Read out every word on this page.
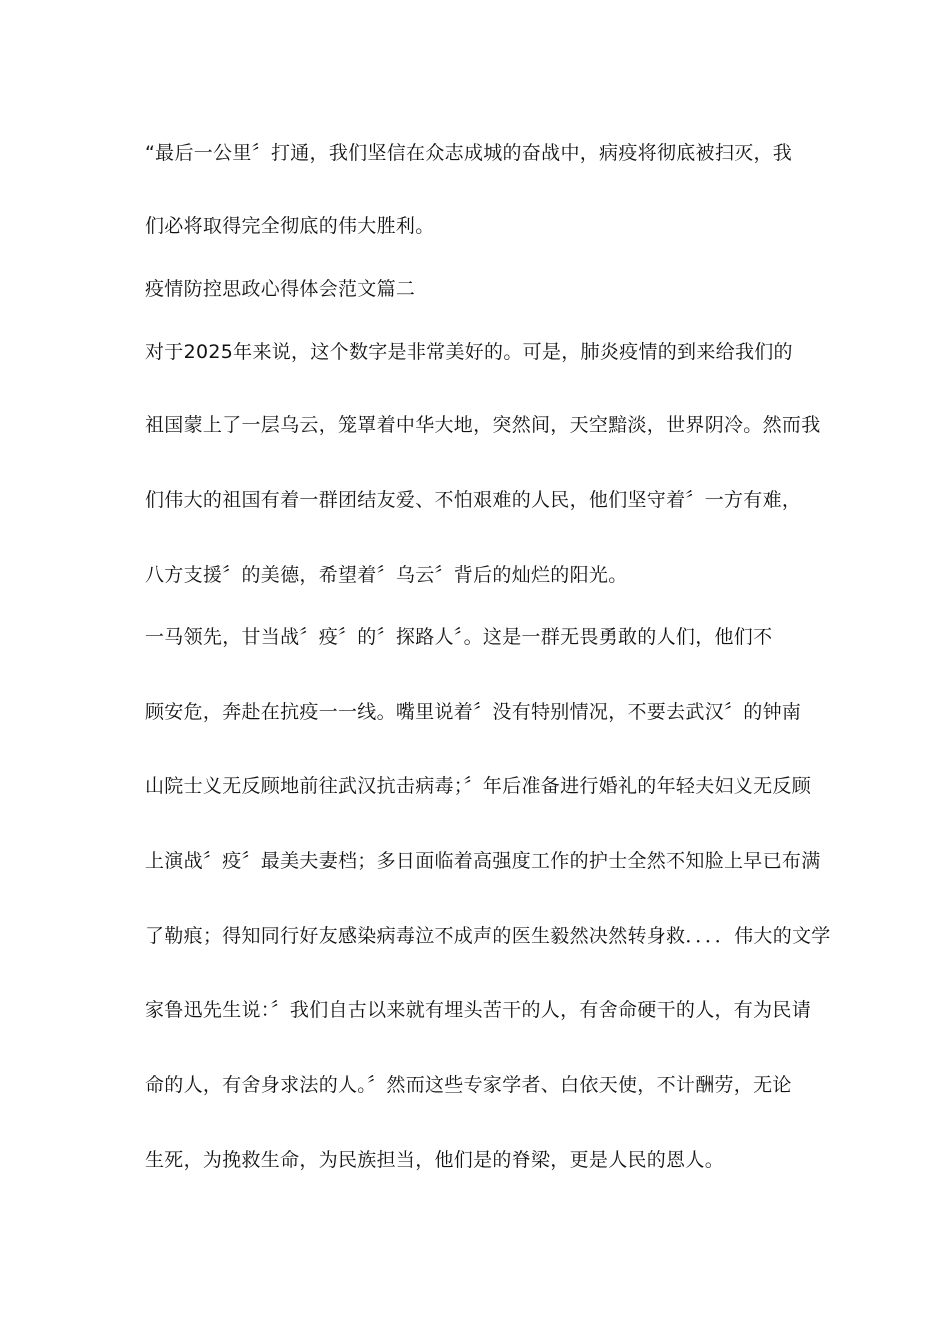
“最后一公里〞打通，我们坚信在众志成城的奋战中，病疫将彻底被扫灭，我
们必将取得完全彻底的伟大胜利。
疫情防控思政心得体会范文篇二
对于2025年来说，这个数字是非常美好的。可是，肺炎疫情的到来给我们的
祖国蒙上了一层乌云，笼罩着中华大地，突然间，天空黯淡，世界阴冷。然而我
们伟大的祖国有着一群团结友爱、不怕艰难的人民，他们坚守着〞一方有难，
八方支援〞的美德，希望着〞乌云〞背后的灿烂的阳光。
一马领先，甘当战〞疫〞的〞探路人〞。这是一群无畏勇敢的人们，他们不
顾安危，奔赴在抗疫一一线。嘴里说着〞没有特别情况，不要去武汉〞的钟南
山院士义无反顾地前往武汉抗击病毒；〞年后准备进行婚礼的年轻夫妇义无反顾
上演战〞疫〞最美夫妻档；多日面临着高强度工作的护士全然不知脸上早已布满
了勒痕；得知同行好友感染病毒泣不成声的医生毅然决然转身救．．．．伟大的文学
家鲁迅先生说：〞我们自古以来就有埋头苦干的人，有舍命硬干的人，有为民请
命的人，有舍身求法的人。〞然而这些专家学者、白依天使，不计酬劳，无论
生死，为挽救生命，为民族担当，他们是的脊梁，更是人民的恩人。
